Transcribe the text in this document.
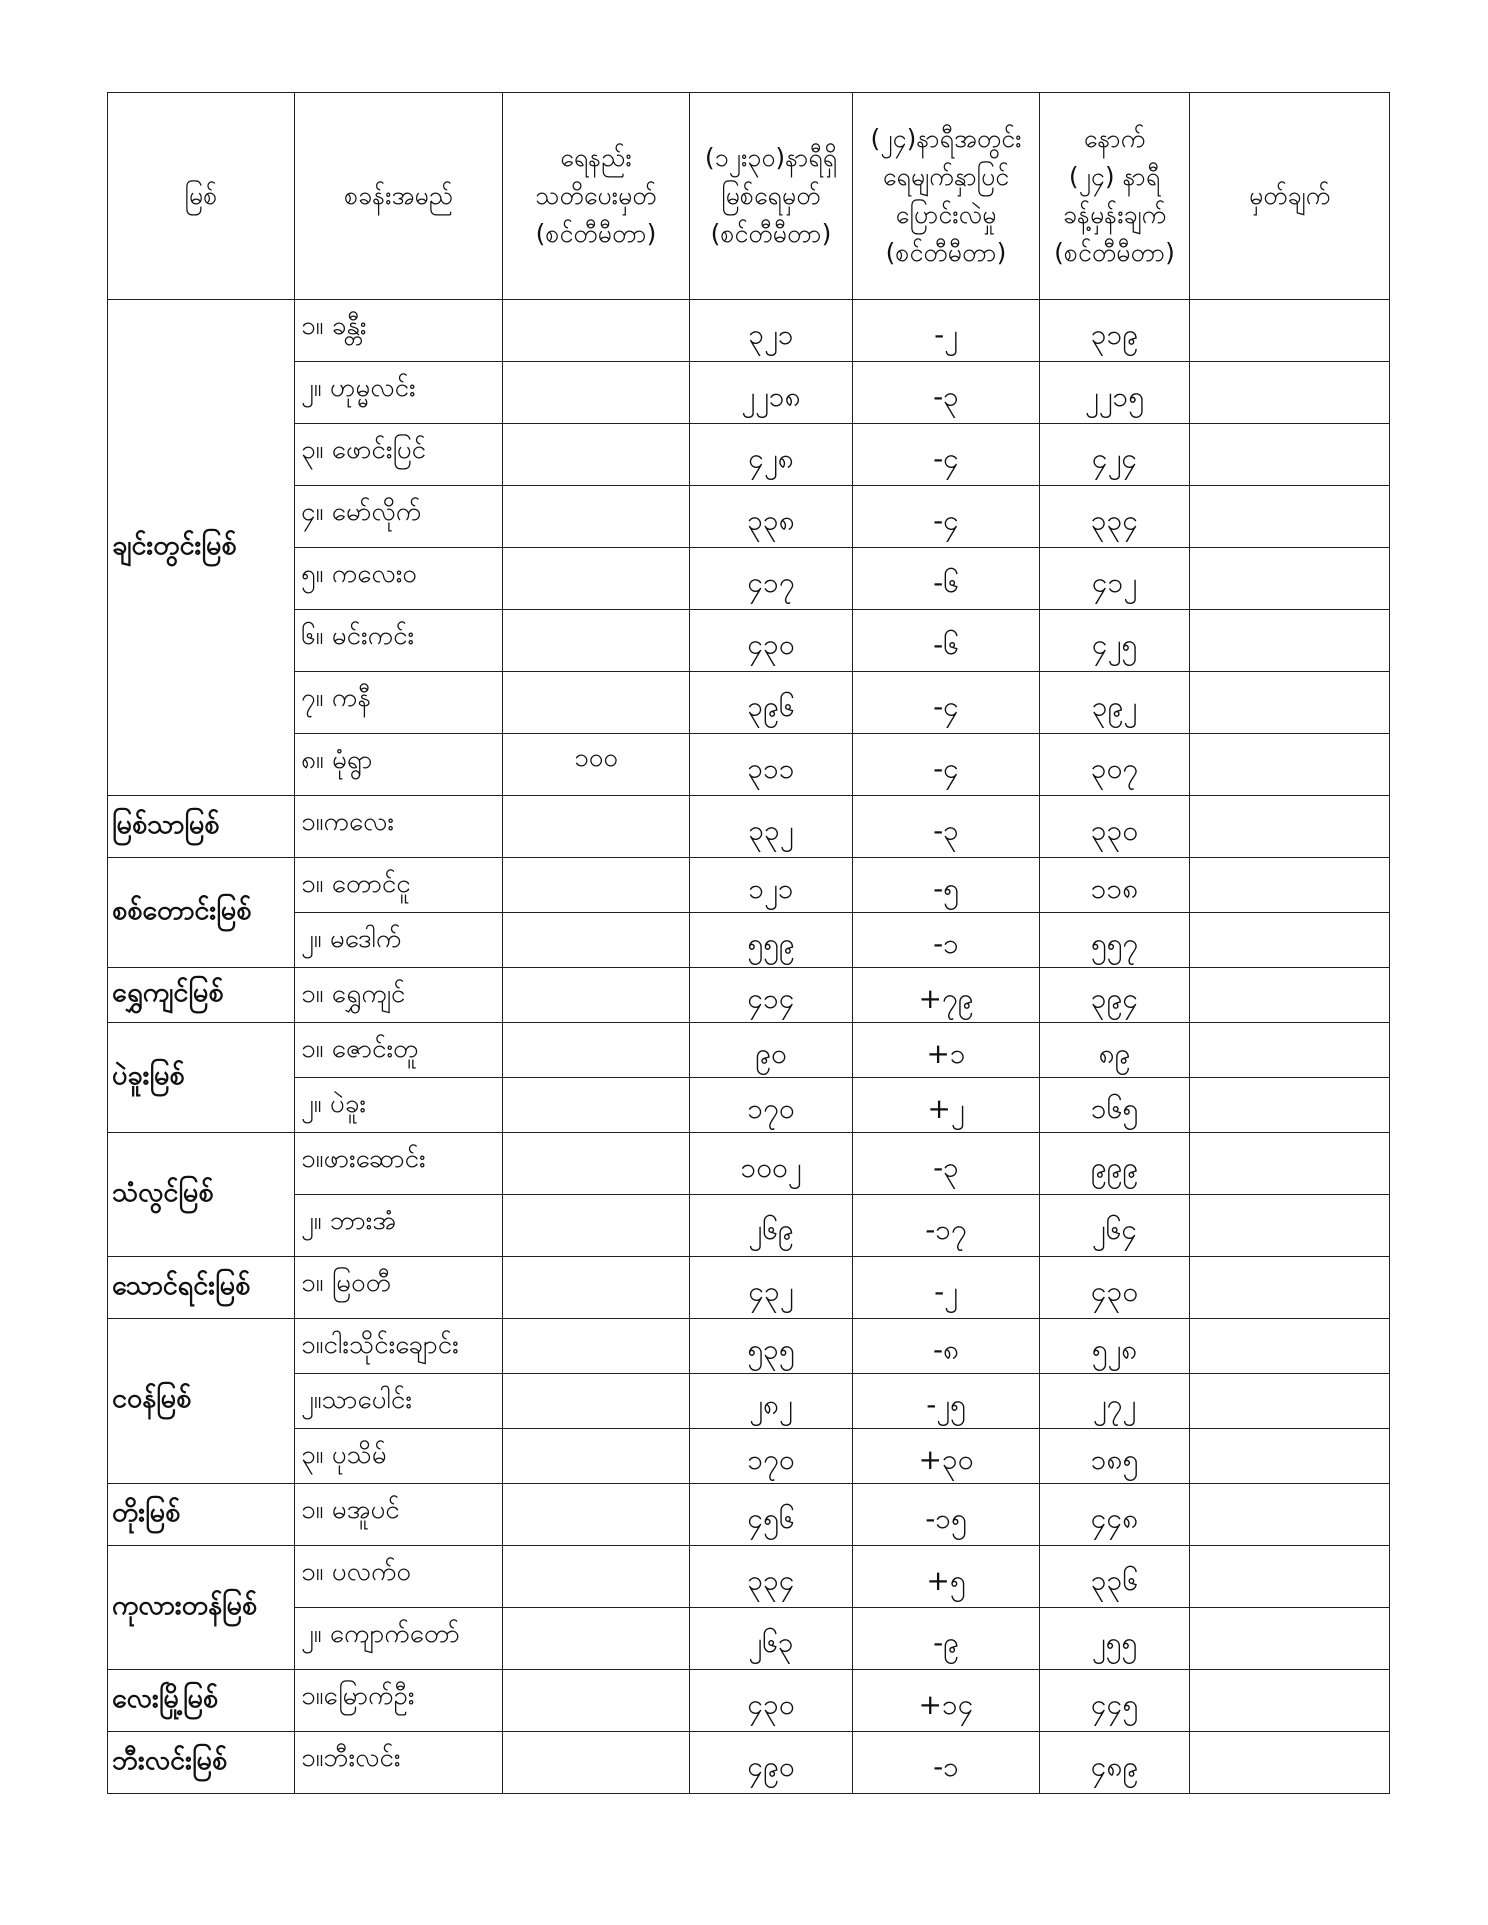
မြစ်	စခန်းအမည်	ရေနည်း
သတိပေးမှတ်
(စင်တီမီတာ)	(၁၂း၃၀)နာရီရှိ
မြစ်ရေမှတ်
(စင်တီမီတာ)	(၂၄)နာရီအတွင်း
ရေမျက်နှာပြင်
ပြောင်းလဲမှု
(စင်တီမီတာ)	နောက်
(၂၄) နာရီ
ခန့်မှန်းချက်
(စင်တီမီတာ)	မှတ်ချက်
ချင်းတွင်းမြစ်	၁။ ခန္တီး		၃၂၁	-၂	၃၁၉	
	၂။ ဟုမ္မလင်း		၂၂၁၈	-၃	၂၂၁၅	
	၃။ ဖောင်းပြင်		၄၂၈	-၄	၄၂၄	
	၄။ မော်လိုက်		၃၃၈	-၄	၃၃၄	
	၅။ ကလေးဝ		၄၁၇	-၆	၄၁၂	
	၆။ မင်းကင်း		၄၃၀	-၆	၄၂၅	
	၇။ ကနီ		၃၉၆	-၄	၃၉၂	
	၈။ မုံရွာ	၁၀၀	၃၁၁	-၄	၃၀၇	
မြစ်သာမြစ်	၁။ကလေး		၃၃၂	-၃	၃၃၀	
စစ်တောင်းမြစ်	၁။ တောင်ငူ		၁၂၁	-၅	၁၁၈	
	၂။ မဒေါက်		၅၅၉	-၁	၅၅၇	
ရွှေကျင်မြစ်	၁။ ရွှေကျင်		၄၁၄	+၇၉	၃၉၄	
ပဲခူးမြစ်	၁။ ဇောင်းတူ		၉၀	+၁	၈၉	
	၂။ ပဲခူး		၁၇၀	+၂	၁၆၅	
သံလွင်မြစ်	၁။ဖားဆောင်း		၁၀၀၂	-၃	၉၉၉	
	၂။ ဘားအံ		၂၆၉	-၁၇	၂၆၄	
သောင်ရင်းမြစ်	၁။ မြဝတီ		၄၃၂	-၂	၄၃၀	
ငဝန်မြစ်	၁။ငါးသိုင်းချောင်း		၅၃၅	-၈	၅၂၈	
	၂။သာပေါင်း		၂၈၂	-၂၅	၂၇၂	
	၃။ ပုသိမ်		၁၇၀	+၃၀	၁၈၅	
တိုးမြစ်	၁။ မအူပင်		၄၅၆	-၁၅	၄၄၈	
ကုလားတန်မြစ်	၁။ ပလက်ဝ		၃၃၄	+၅	၃၃၆	
	၂။ ကျောက်တော်		၂၆၃	-၉	၂၅၅	
လေးမြို့မြစ်	၁။မြောက်ဦး		၄၃၀	+၁၄	၄၄၅	
ဘီးလင်းမြစ်	၁။ဘီးလင်း		၄၉၀	-၁	၄၈၉	
